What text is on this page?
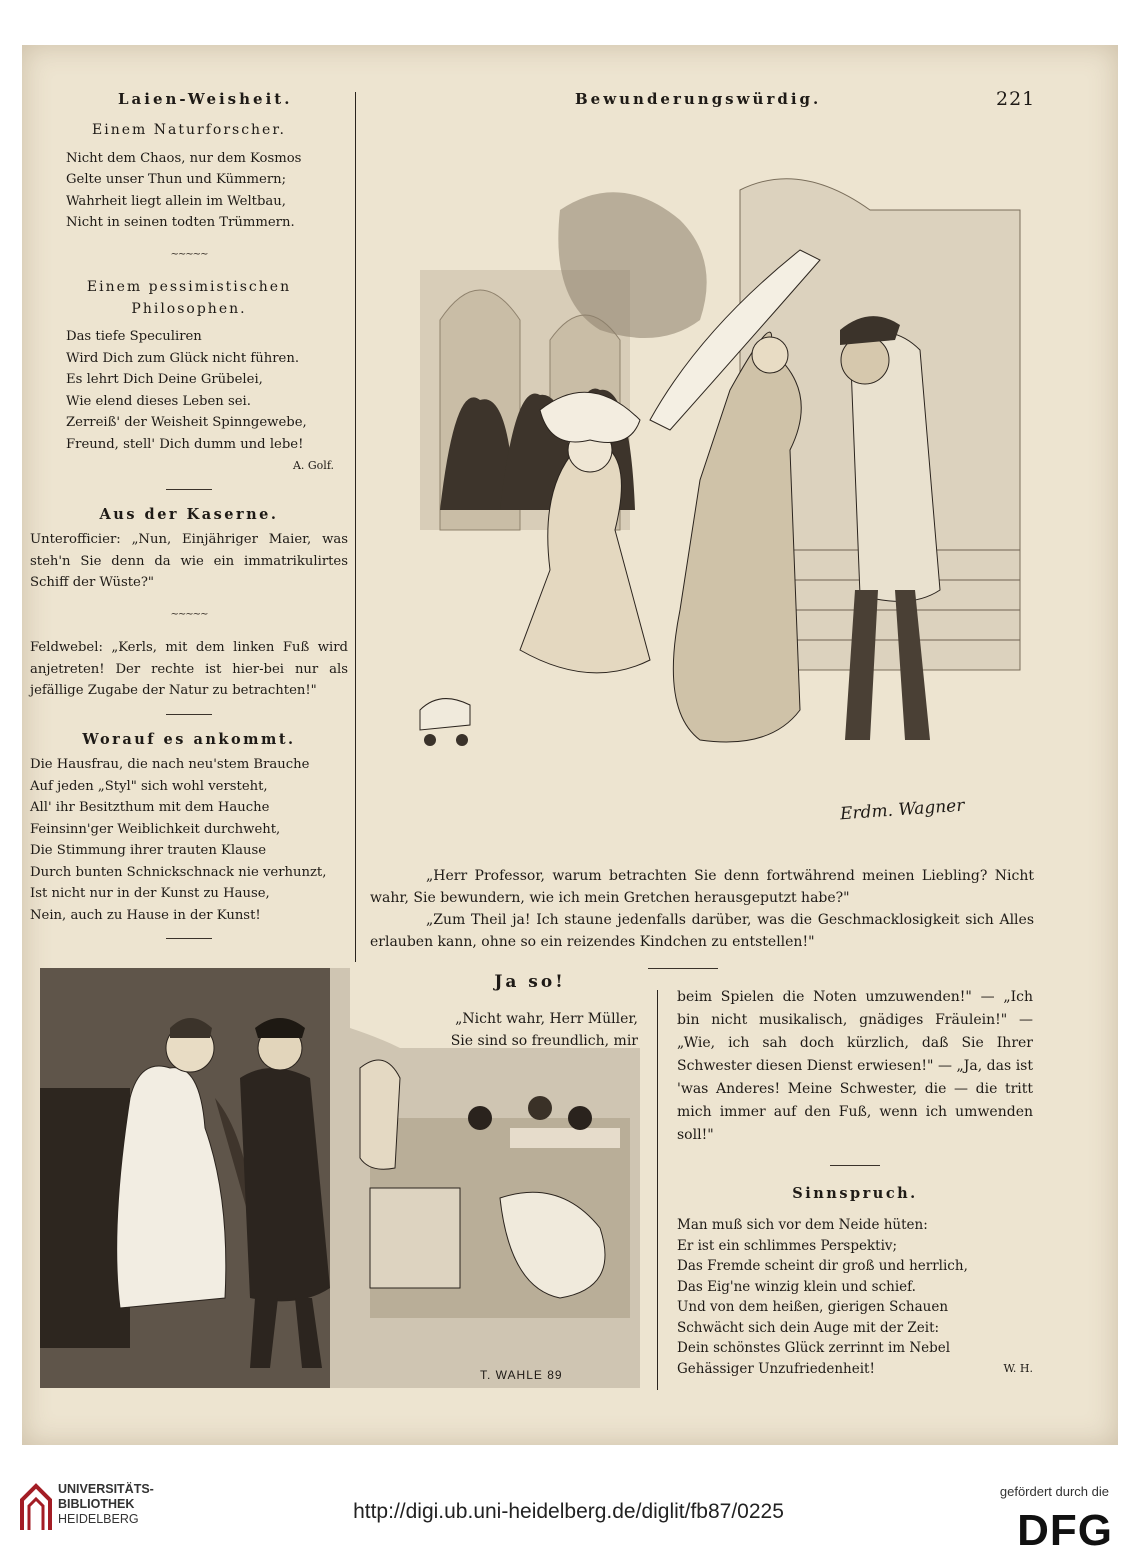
Laien-Weisheit.	Bewunderungswürdig.	221
Einem Naturforscher.
Nicht dem Chaos, nur dem Kosmos
Gelte unser Thun und Kümmern;
Wahrheit liegt allein im Weltbau,
Nicht in seinen todten Trümmern.
∼∼∼∼∼
Einem pessimistischen Philosophen.
Das tiefe Speculiren
Wird Dich zum Glück nicht führen.
Es lehrt Dich Deine Grübelei,
Wie elend dieses Leben sei.
Zerreiß' der Weisheit Spinngewebe,
Freund, stell' Dich dumm und lebe!
A. Golf.
Aus der Kaserne.
Unterofficier: „Nun, Einjähriger Maier, was steh'n Sie denn da wie ein immatrikulirtes Schiff der Wüste?"
∼∼∼∼∼
Feldwebel: „Kerls, mit dem linken Fuß wird anjetreten! Der rechte ist hier-bei nur als jefällige Zugabe der Natur zu betrachten!"
Worauf es ankommt.
Die Hausfrau, die nach neu'stem Brauche
Auf jeden „Styl" sich wohl versteht,
All' ihr Besitzthum mit dem Hauche
Feinsinn'ger Weiblichkeit durchweht,
Die Stimmung ihrer trauten Klause
Durch bunten Schnickschnack nie verhunzt,
Ist nicht nur in der Kunst zu Hause,
Nein, auch zu Hause in der Kunst!
Erdm. Wagner

„Herr Professor, warum betrachten Sie denn fortwährend meinen Liebling? Nicht wahr, Sie bewundern, wie ich mein Gretchen herausgeputzt habe?"

„Zum Theil ja! Ich staune jedenfalls darüber, was die Geschmacklosigkeit sich Alles erlauben kann, ohne so ein reizendes Kindchen zu entstellen!"

T. WAHLE 89
Ja so!
„Nicht wahr, Herr Müller,
Sie sind so freundlich, mir
beim Spielen die Noten umzuwenden!" — „Ich bin nicht musikalisch, gnädiges Fräulein!" — „Wie, ich sah doch kürzlich, daß Sie Ihrer Schwester diesen Dienst erwiesen!" — „Ja, das ist 'was Anderes! Meine Schwester, die — die tritt mich immer auf den Fuß, wenn ich umwenden soll!"
Sinnspruch.
Man muß sich vor dem Neide hüten:
Er ist ein schlimmes Perspektiv;
Das Fremde scheint dir groß und herrlich,
Das Eig'ne winzig klein und schief.
Und von dem heißen, gierigen Schauen
Schwächt sich dein Auge mit der Zeit:
Dein schönstes Glück zerrinnt im Nebel
Gehässiger Unzufriedenheit!	W. H.
UNIVERSITÄTS-
BIBLIOTHEK
HEIDELBERG	http://digi.ub.uni-heidelberg.de/diglit/fb87/0225
gefördert durch die
DFG
